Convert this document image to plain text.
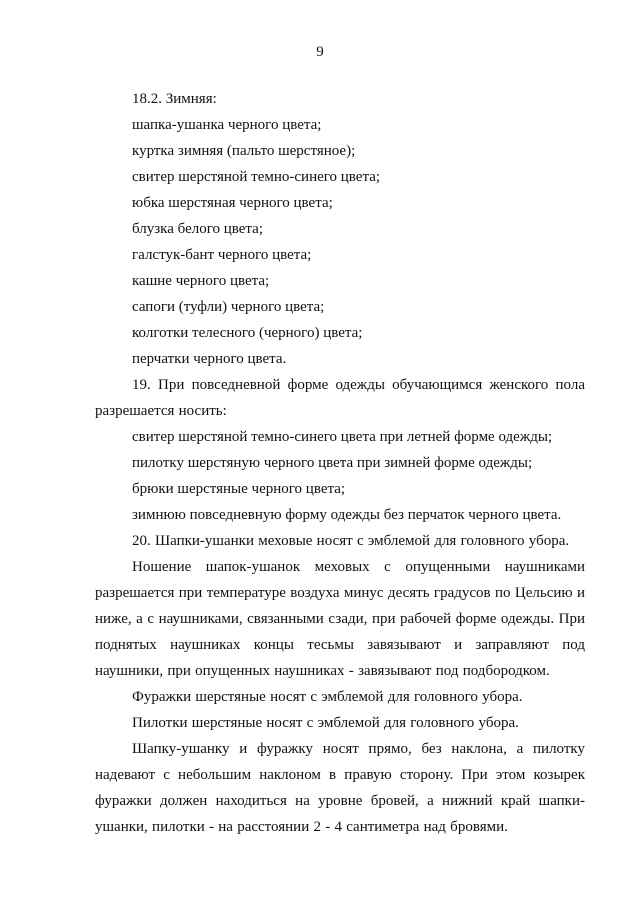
9
18.2. Зимняя:
шапка-ушанка черного цвета;
куртка зимняя (пальто шерстяное);
свитер шерстяной темно-синего цвета;
юбка шерстяная черного цвета;
блузка белого цвета;
галстук-бант черного цвета;
кашне черного цвета;
сапоги (туфли) черного цвета;
колготки телесного (черного) цвета;
перчатки черного цвета.
19. При повседневной форме одежды обучающимся женского пола разрешается носить:
свитер шерстяной темно-синего цвета при летней форме одежды;
пилотку шерстяную черного цвета при зимней форме одежды;
брюки шерстяные черного цвета;
зимнюю повседневную форму одежды без перчаток черного цвета.
20. Шапки-ушанки меховые носят с эмблемой для головного убора.
Ношение шапок-ушанок меховых с опущенными наушниками разрешается при температуре воздуха минус десять градусов по Цельсию и ниже, а с наушниками, связанными сзади, при рабочей форме одежды. При поднятых наушниках концы тесьмы завязывают и заправляют под наушники, при опущенных наушниках - завязывают под подбородком.
Фуражки шерстяные носят с эмблемой для головного убора.
Пилотки шерстяные носят с эмблемой для головного убора.
Шапку-ушанку и фуражку носят прямо, без наклона, а пилотку надевают с небольшим наклоном в правую сторону. При этом козырек фуражки должен находиться на уровне бровей, а нижний край шапки-ушанки, пилотки - на расстоянии 2 - 4 сантиметра над бровями.
